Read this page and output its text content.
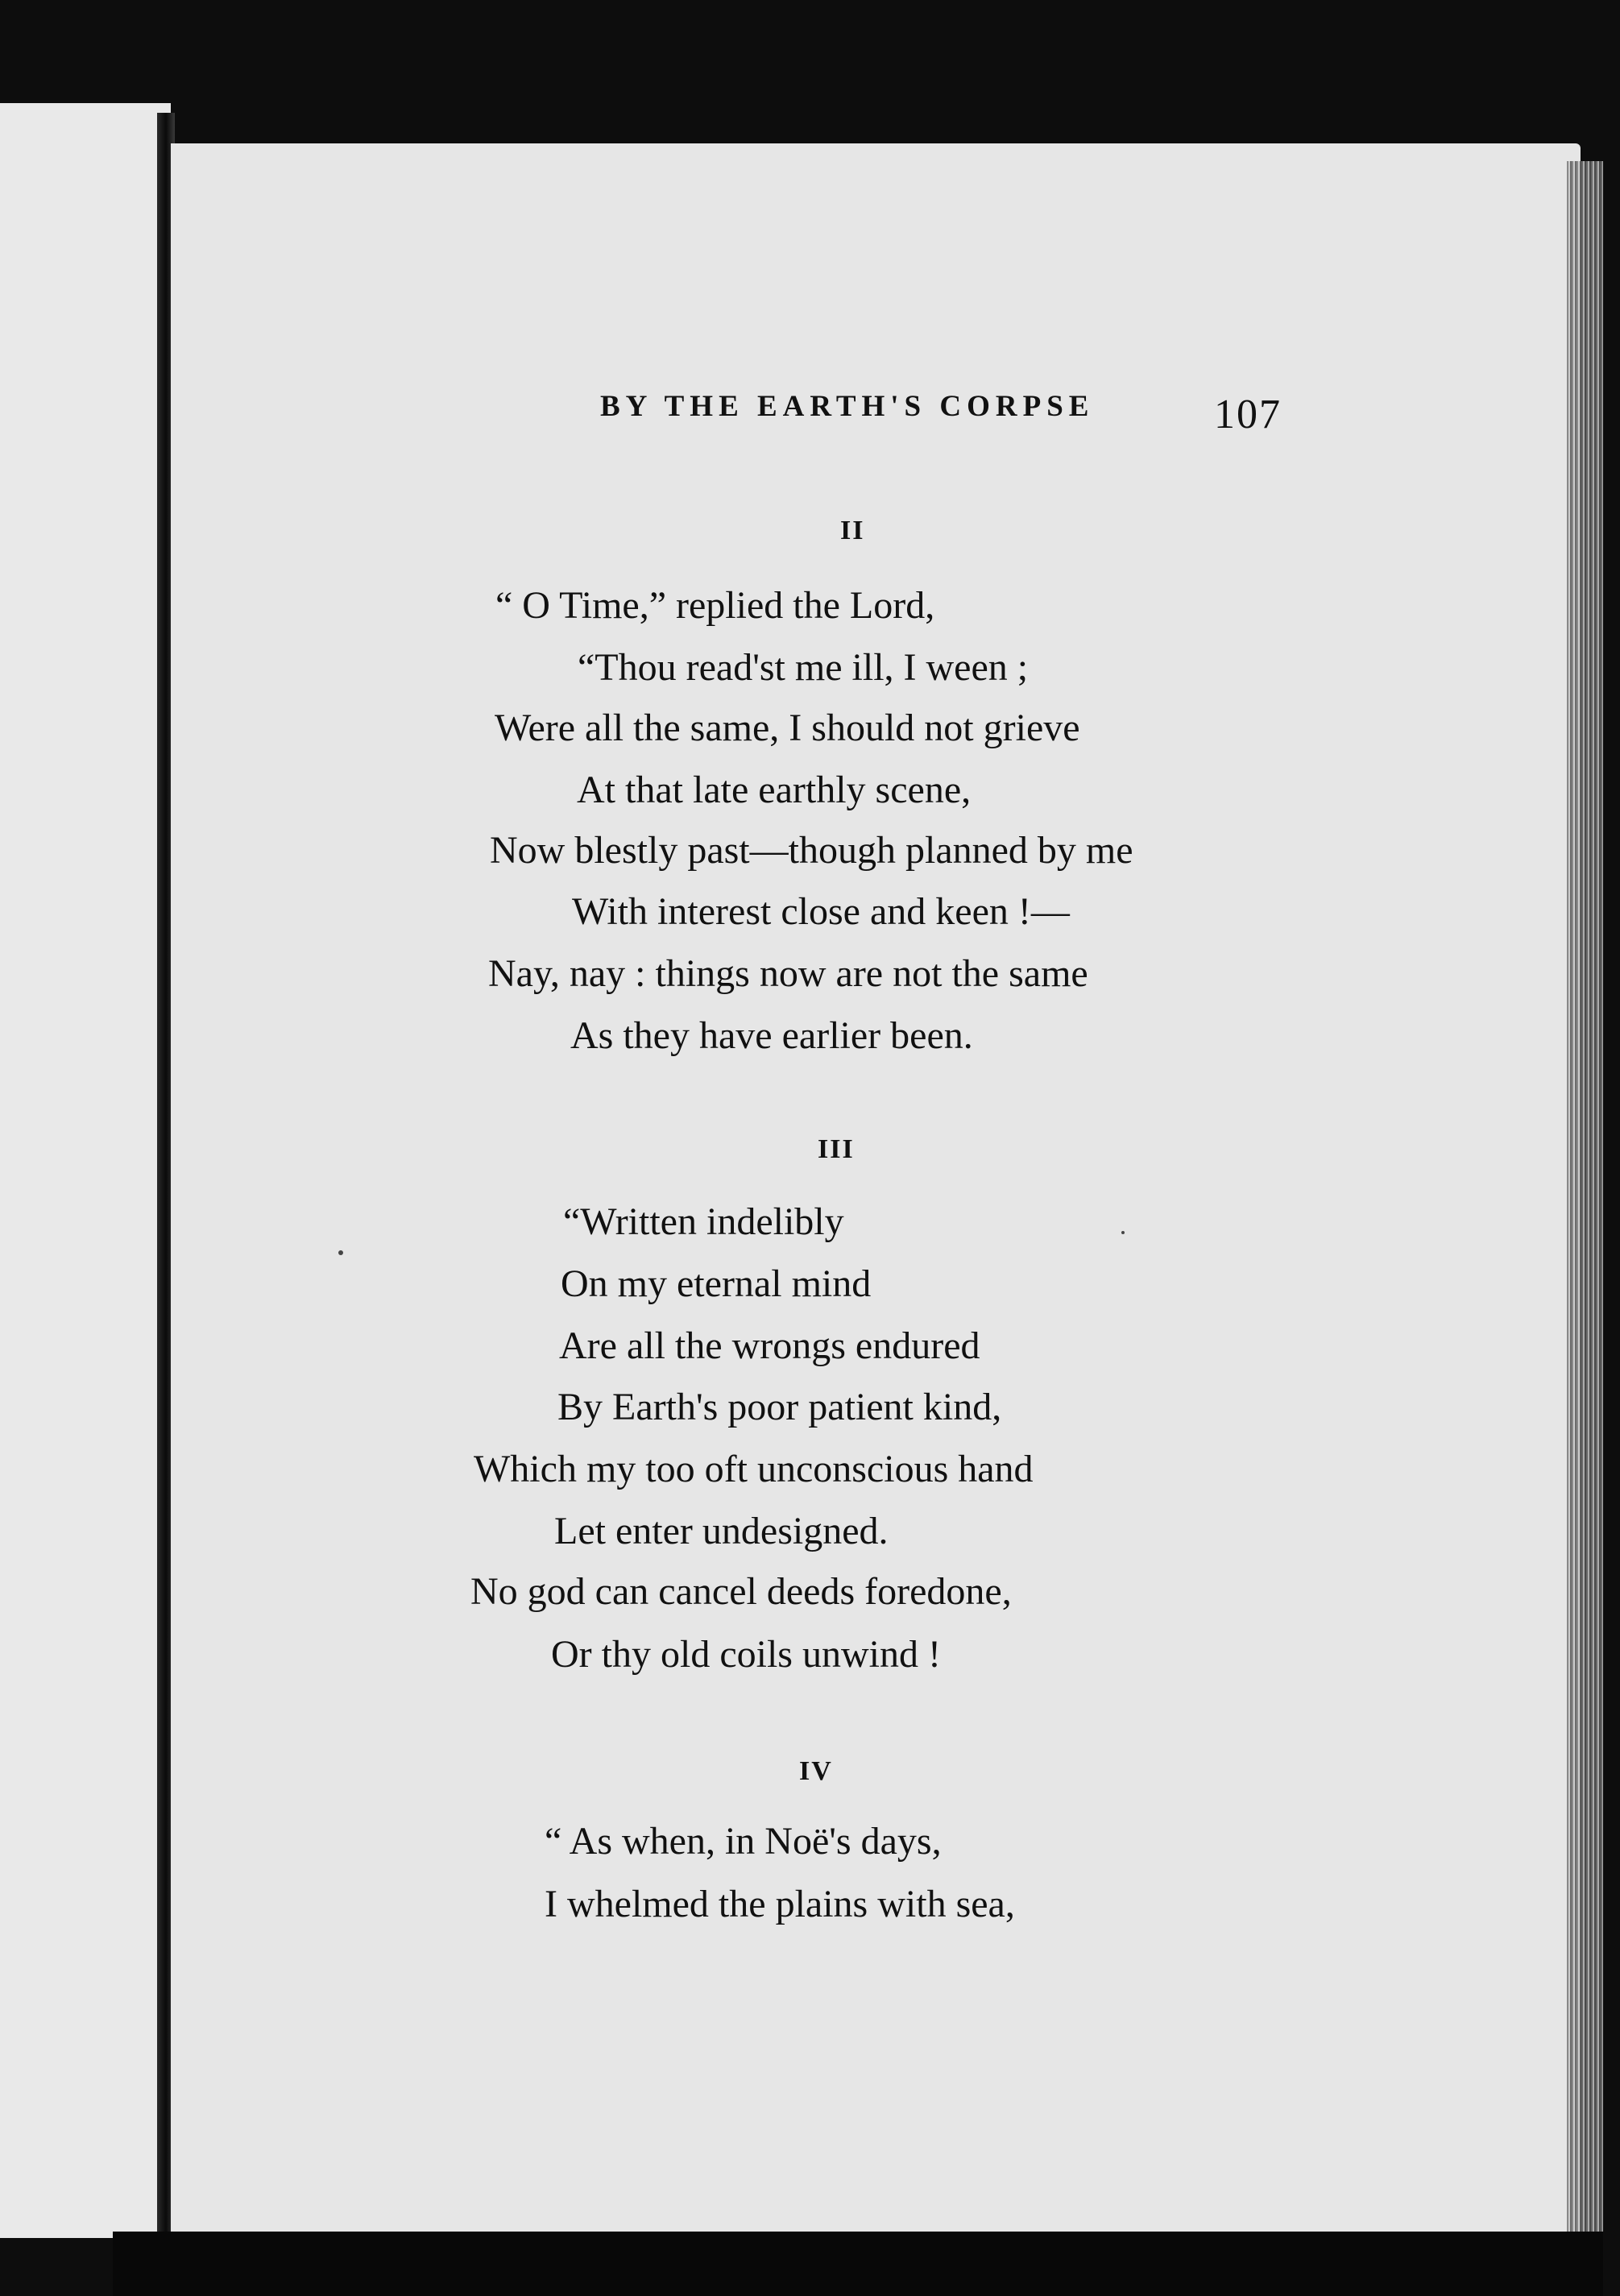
BY THE EARTH'S CORPSE	107
II
“ O Time,” replied the Lord,
“Thou read'st me ill, I ween ;
Were all the same, I should not grieve
At that late earthly scene,
Now blestly past—though planned by me
With interest close and keen !—
Nay, nay : things now are not the same
As they have earlier been.
III
“Written indelibly
On my eternal mind
Are all the wrongs endured
By Earth's poor patient kind,
Which my too oft unconscious hand
Let enter undesigned.
No god can cancel deeds foredone,
Or thy old coils unwind !
IV
“ As when, in Noë's days,
I whelmed the plains with sea,
